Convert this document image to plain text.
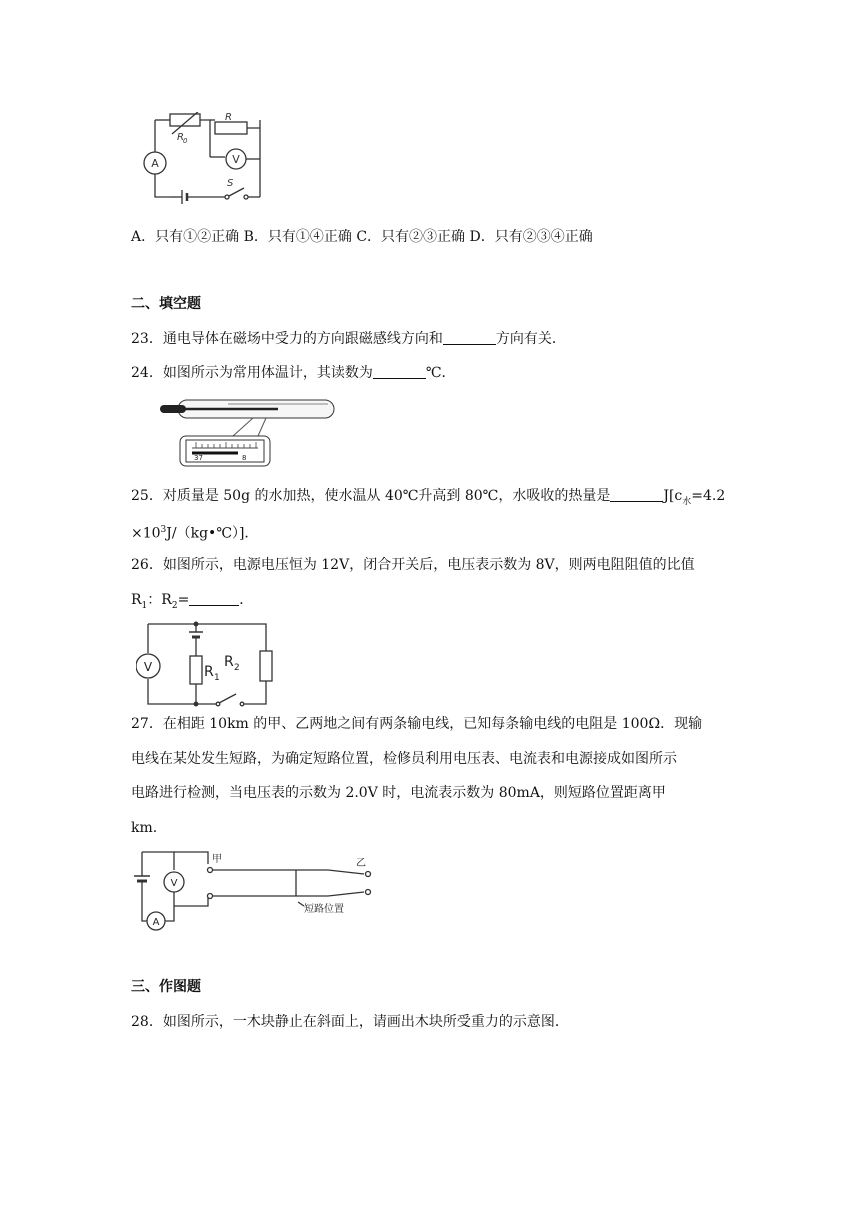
R 0
R
S
A	V
A．只有①②正确 B．只有①④正确 C．只有②③正确 D．只有②③④正确
二、填空题
23．通电导体在磁场中受力的方向跟磁感线方向和	方向有关．
24．如图所示为常用体温计，其读数为	℃．
37	8
25．对质量是 50g 的水加热，使水温从 40℃升高到 80℃，水吸收的热量是	$J[c_水=4.2$
$\times 10^3J/(kg•℃)$]．
26．如图所示，电源电压恒为 12V，闭合开关后，电压表示数为 8V，则两电阻阻值的比值
$R_1$：$R_2=$	．
V	R 1
R 2
27．在相距 10km 的甲、乙两地之间有两条输电线，已知每条输电线的电阻是 100Ω．现输
电线在某处发生短路，为确定短路位置，检修员利用电压表、电流表和电源接成如图所示
电路进行检测，当电压表的示数为 2.0V 时，电流表示数为 80mA，则短路位置距离甲
km.
A
V
甲	乙
短路位置
三、作图题
28．如图所示，一木块静止在斜面上，请画出木块所受重力的示意图．
